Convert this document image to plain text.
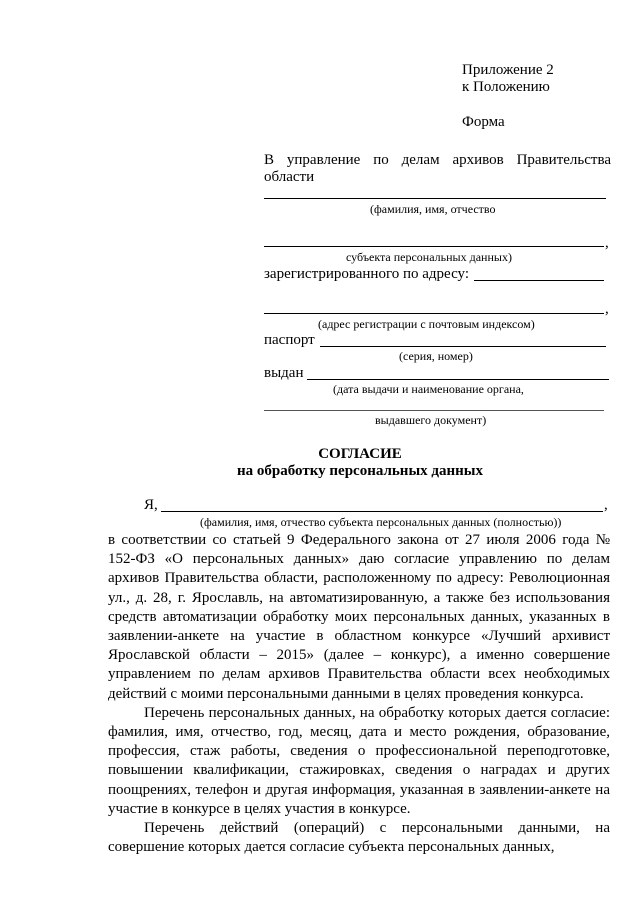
Приложение 2
к Положению
Форма
В управление по делам архивов Правительства
области
(фамилия, имя, отчество
,
субъекта персональных данных)
зарегистрированного по адресу:
,
(адрес регистрации с почтовым индексом)
паспорт
(серия, номер)
выдан
(дата выдачи и наименование органа,
выдавшего документ)
СОГЛАСИЕ
на обработку персональных данных
Я,	,
(фамилия, имя, отчество субъекта персональных данных (полностью))

в соответствии со статьей 9 Федерального закона от 27 июля 2006 года № 152-ФЗ «О персональных данных» даю согласие управлению по делам архивов Правительства области, расположенному по адресу: Революционная ул., д. 28, г. Ярославль, на автоматизированную, а также без использования средств автоматизации обработку моих персональных данных, указанных в заявлении-анкете на участие в областном конкурсе «Лучший архивист Ярославской области – 2015» (далее – конкурс), а именно совершение управлением по делам архивов Правительства области всех необходимых действий с моими персональными данными в целях проведения конкурса.

Перечень персональных данных, на обработку которых дается согласие: фамилия, имя, отчество, год, месяц, дата и место рождения, образование, профессия, стаж работы, сведения о профессиональной переподготовке, повышении квалификации, стажировках, сведения о наградах и других поощрениях, телефон и другая информация, указанная в заявлении-анкете на участие в конкурсе в целях участия в конкурсе.

Перечень действий (операций) с персональными данными, на совершение которых дается согласие субъекта персональных данных,
